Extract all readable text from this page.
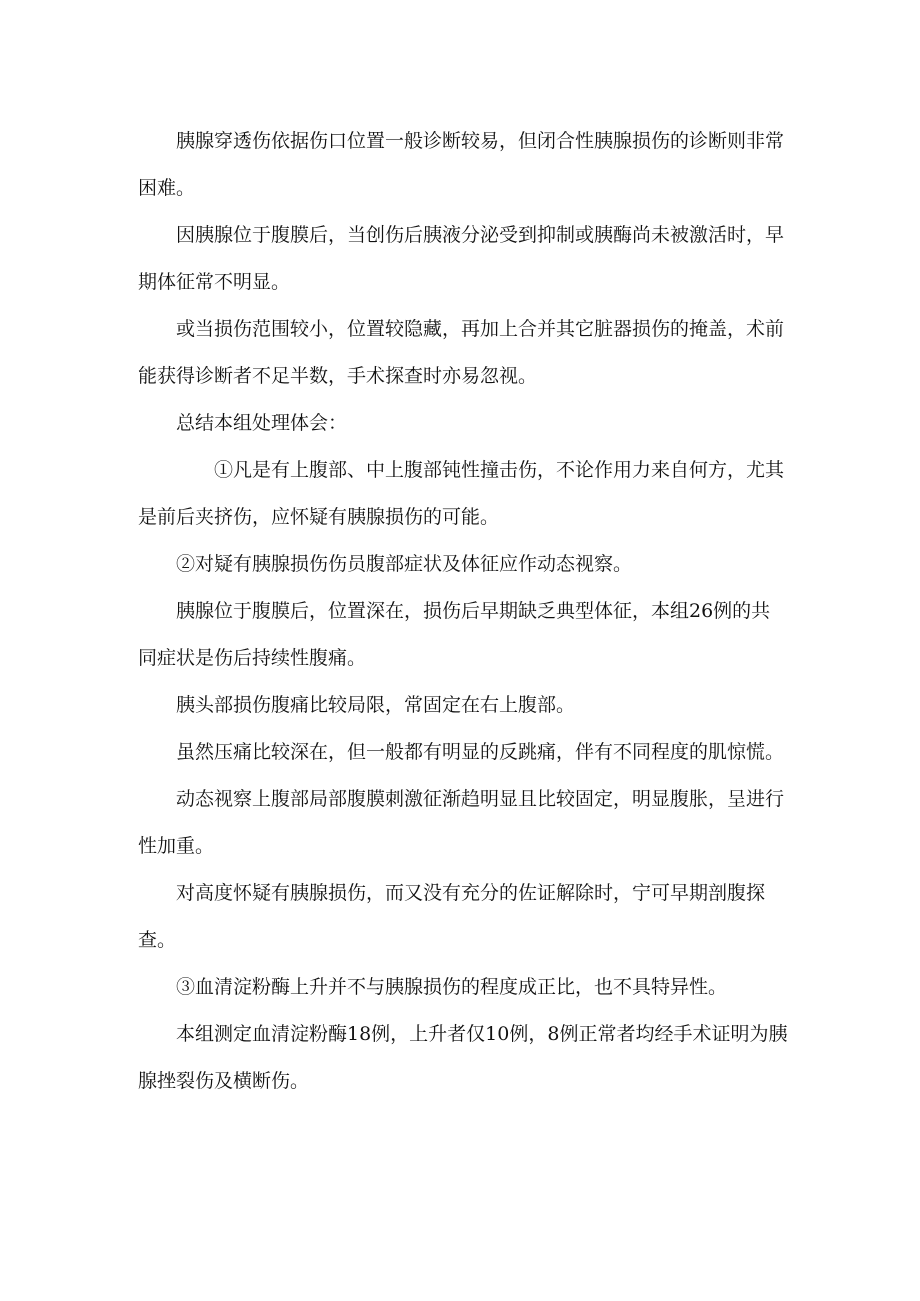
胰腺穿透伤依据伤口位置一般诊断较易，但闭合性胰腺损伤的诊断则非常困难。

因胰腺位于腹膜后，当创伤后胰液分泌受到抑制或胰酶尚未被激活时，早期体征常不明显。

或当损伤范围较小，位置较隐藏，再加上合并其它脏器损伤的掩盖，术前能获得诊断者不足半数，手术探查时亦易忽视。

总结本组处理体会：

①凡是有上腹部、中上腹部钝性撞击伤，不论作用力来自何方，尤其是前后夹挤伤，应怀疑有胰腺损伤的可能。

②对疑有胰腺损伤伤员腹部症状及体征应作动态视察。

胰腺位于腹膜后，位置深在，损伤后早期缺乏典型体征，本组26例的共同症状是伤后持续性腹痛。

胰头部损伤腹痛比较局限，常固定在右上腹部。

虽然压痛比较深在，但一般都有明显的反跳痛，伴有不同程度的肌惊慌。

动态视察上腹部局部腹膜刺激征渐趋明显且比较固定，明显腹胀，呈进行性加重。

对高度怀疑有胰腺损伤，而又没有充分的佐证解除时，宁可早期剖腹探查。

③血清淀粉酶上升并不与胰腺损伤的程度成正比，也不具特异性。

本组测定血清淀粉酶18例，上升者仅10例，8例正常者均经手术证明为胰腺挫裂伤及横断伤。
